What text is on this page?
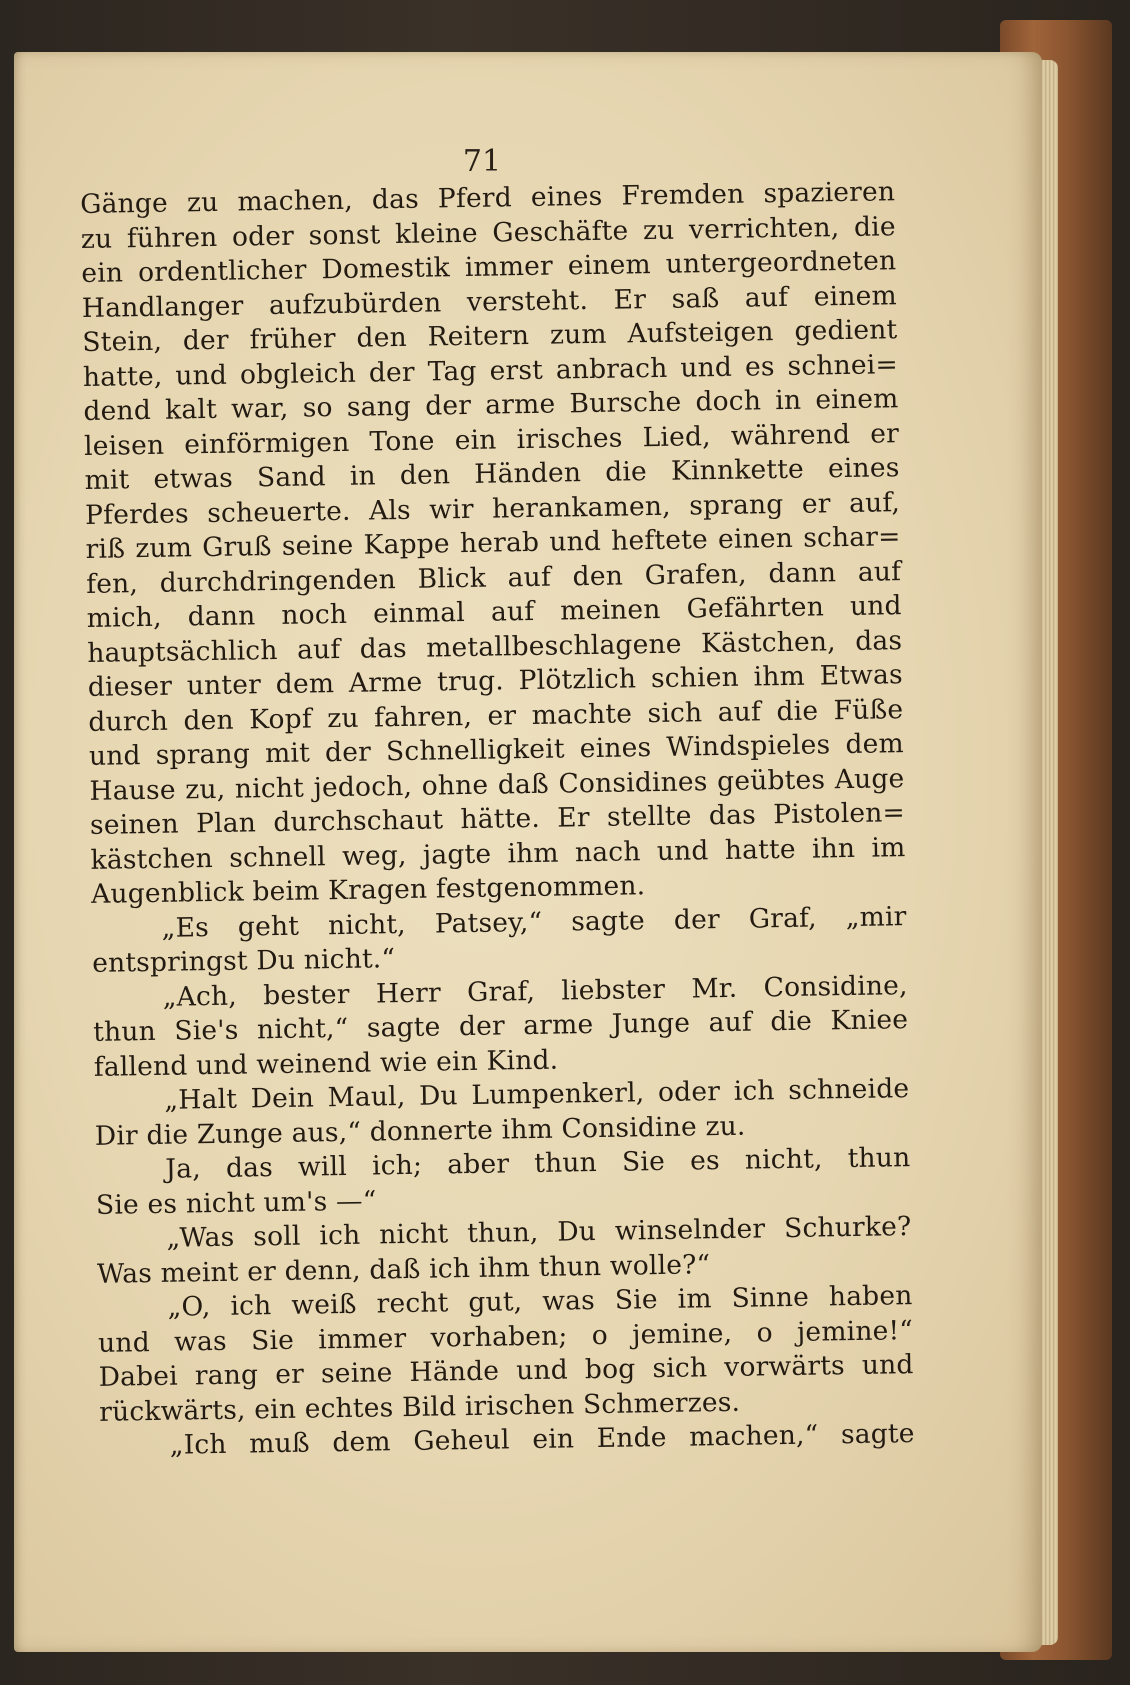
71
Gänge zu machen, das Pferd eines Fremden spazieren
zu führen oder sonst kleine Geschäfte zu verrichten, die
ein ordentlicher Domestik immer einem untergeordneten
Handlanger aufzubürden versteht. Er saß auf einem
Stein, der früher den Reitern zum Aufsteigen gedient
hatte, und obgleich der Tag erst anbrach und es schnei=
dend kalt war, so sang der arme Bursche doch in einem
leisen einförmigen Tone ein irisches Lied, während er
mit etwas Sand in den Händen die Kinnkette eines
Pferdes scheuerte. Als wir herankamen, sprang er auf,
riß zum Gruß seine Kappe herab und heftete einen schar=
fen, durchdringenden Blick auf den Grafen, dann auf
mich, dann noch einmal auf meinen Gefährten und
hauptsächlich auf das metallbeschlagene Kästchen, das
dieser unter dem Arme trug. Plötzlich schien ihm Etwas
durch den Kopf zu fahren, er machte sich auf die Füße
und sprang mit der Schnelligkeit eines Windspieles dem
Hause zu, nicht jedoch, ohne daß Considines geübtes Auge
seinen Plan durchschaut hätte. Er stellte das Pistolen=
kästchen schnell weg, jagte ihm nach und hatte ihn im
Augenblick beim Kragen festgenommen.
„Es geht nicht, Patsey,“ sagte der Graf, „mir
entspringst Du nicht.“
„Ach, bester Herr Graf, liebster Mr. Considine,
thun Sie's nicht,“ sagte der arme Junge auf die Kniee
fallend und weinend wie ein Kind.
„Halt Dein Maul, Du Lumpenkerl, oder ich schneide
Dir die Zunge aus,“ donnerte ihm Considine zu.
Ja, das will ich; aber thun Sie es nicht, thun
Sie es nicht um's —“
„Was soll ich nicht thun, Du winselnder Schurke?
Was meint er denn, daß ich ihm thun wolle?“
„O, ich weiß recht gut, was Sie im Sinne haben
und was Sie immer vorhaben; o jemine, o jemine!“
Dabei rang er seine Hände und bog sich vorwärts und
rückwärts, ein echtes Bild irischen Schmerzes.
„Ich muß dem Geheul ein Ende machen,“ sagte
